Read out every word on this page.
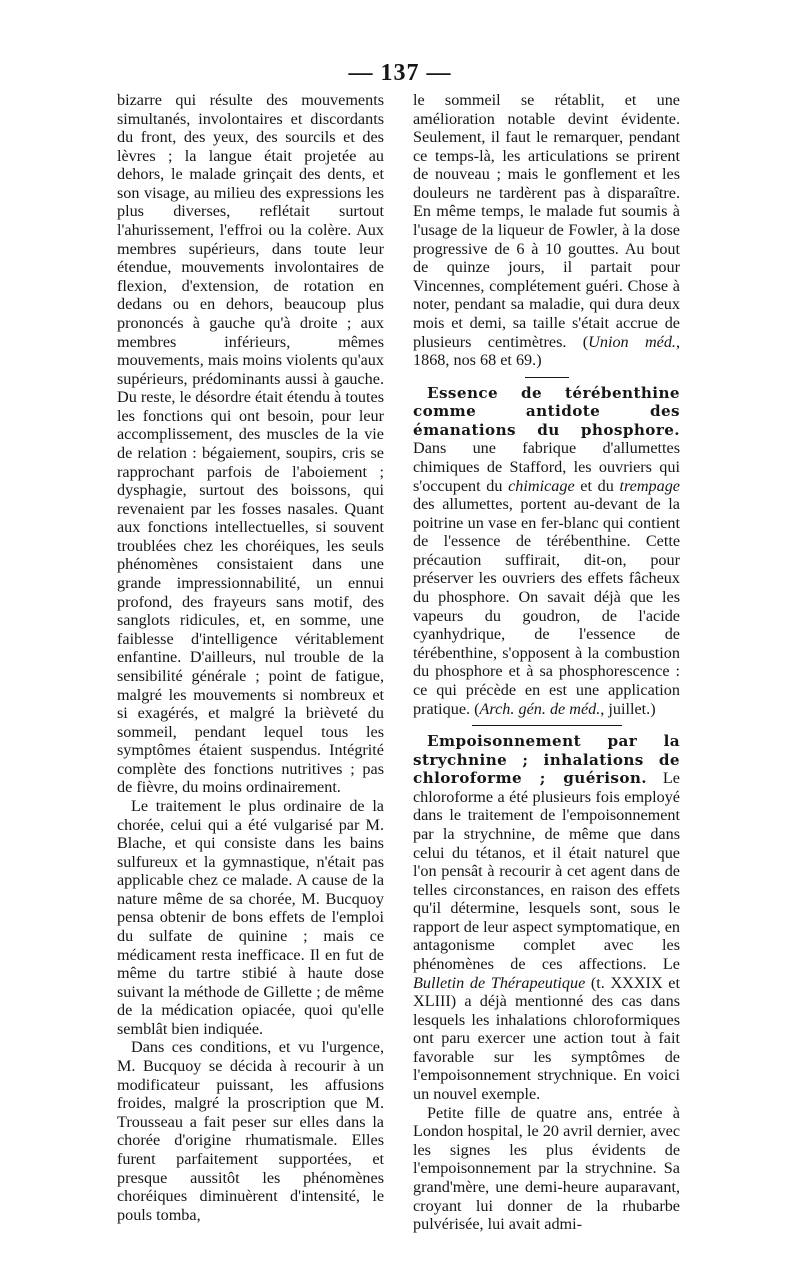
— 137 —

bizarre qui résulte des mouvements simultanés, involontaires et discordants du front, des yeux, des sourcils et des lèvres ; la langue était projetée au dehors, le malade grinçait des dents, et son visage, au milieu des expressions les plus diverses, reflétait surtout l'ahurissement, l'effroi ou la colère. Aux membres supérieurs, dans toute leur étendue, mouvements involontaires de flexion, d'extension, de rotation en dedans ou en dehors, beaucoup plus prononcés à gauche qu'à droite ; aux membres inférieurs, mêmes mouvements, mais moins violents qu'aux supérieurs, prédominants aussi à gauche. Du reste, le désordre était étendu à toutes les fonctions qui ont besoin, pour leur accomplissement, des muscles de la vie de relation : bégaiement, soupirs, cris se rapprochant parfois de l'aboiement ; dysphagie, surtout des boissons, qui revenaient par les fosses nasales. Quant aux fonctions intellectuelles, si souvent troublées chez les choréiques, les seuls phénomènes consistaient dans une grande impressionnabilité, un ennui profond, des frayeurs sans motif, des sanglots ridicules, et, en somme, une faiblesse d'intelligence véritablement enfantine. D'ailleurs, nul trouble de la sensibilité générale ; point de fatigue, malgré les mouvements si nombreux et si exagérés, et malgré la brièveté du sommeil, pendant lequel tous les symptômes étaient suspendus. Intégrité complète des fonctions nutritives ; pas de fièvre, du moins ordinairement.

Le traitement le plus ordinaire de la chorée, celui qui a été vulgarisé par M. Blache, et qui consiste dans les bains sulfureux et la gymnastique, n'était pas applicable chez ce malade. A cause de la nature même de sa chorée, M. Bucquoy pensa obtenir de bons effets de l'emploi du sulfate de quinine ; mais ce médicament resta inefficace. Il en fut de même du tartre stibié à haute dose suivant la méthode de Gillette ; de même de la médication opiacée, quoi qu'elle semblât bien indiquée.

Dans ces conditions, et vu l'urgence, M. Bucquoy se décida à recourir à un modificateur puissant, les affusions froides, malgré la proscription que M. Trousseau a fait peser sur elles dans la chorée d'origine rhumatismale. Elles furent parfaitement supportées, et presque aussitôt les phénomènes choréiques diminuèrent d'intensité, le pouls tomba,

le sommeil se rétablit, et une amélioration notable devint évidente. Seulement, il faut le remarquer, pendant ce temps-là, les articulations se prirent de nouveau ; mais le gonflement et les douleurs ne tardèrent pas à disparaître. En même temps, le malade fut soumis à l'usage de la liqueur de Fowler, à la dose progressive de 6 à 10 gouttes. Au bout de quinze jours, il partait pour Vincennes, complétement guéri. Chose à noter, pendant sa maladie, qui dura deux mois et demi, sa taille s'était accrue de plusieurs centimètres. (Union méd., 1868, nos 68 et 69.)

Essence de térébenthine comme antidote des émanations du phosphore. Dans une fabrique d'allumettes chimiques de Stafford, les ouvriers qui s'occupent du chimicage et du trempage des allumettes, portent au-devant de la poitrine un vase en fer-blanc qui contient de l'essence de térébenthine. Cette précaution suffirait, dit-on, pour préserver les ouvriers des effets fâcheux du phosphore. On savait déjà que les vapeurs du goudron, de l'acide cyanhydrique, de l'essence de térébenthine, s'opposent à la combustion du phosphore et à sa phosphorescence : ce qui précède en est une application pratique. (Arch. gén. de méd., juillet.)

Empoisonnement par la strychnine ; inhalations de chloroforme ; guérison. Le chloroforme a été plusieurs fois employé dans le traitement de l'empoisonnement par la strychnine, de même que dans celui du tétanos, et il était naturel que l'on pensât à recourir à cet agent dans de telles circonstances, en raison des effets qu'il détermine, lesquels sont, sous le rapport de leur aspect symptomatique, en antagonisme complet avec les phénomènes de ces affections. Le Bulletin de Thérapeutique (t. XXXIX et XLIII) a déjà mentionné des cas dans lesquels les inhalations chloroformiques ont paru exercer une action tout à fait favorable sur les symptômes de l'empoisonnement strychnique. En voici un nouvel exemple.

Petite fille de quatre ans, entrée à London hospital, le 20 avril dernier, avec les signes les plus évidents de l'empoisonnement par la strychnine. Sa grand'mère, une demi-heure auparavant, croyant lui donner de la rhubarbe pulvérisée, lui avait admi-
